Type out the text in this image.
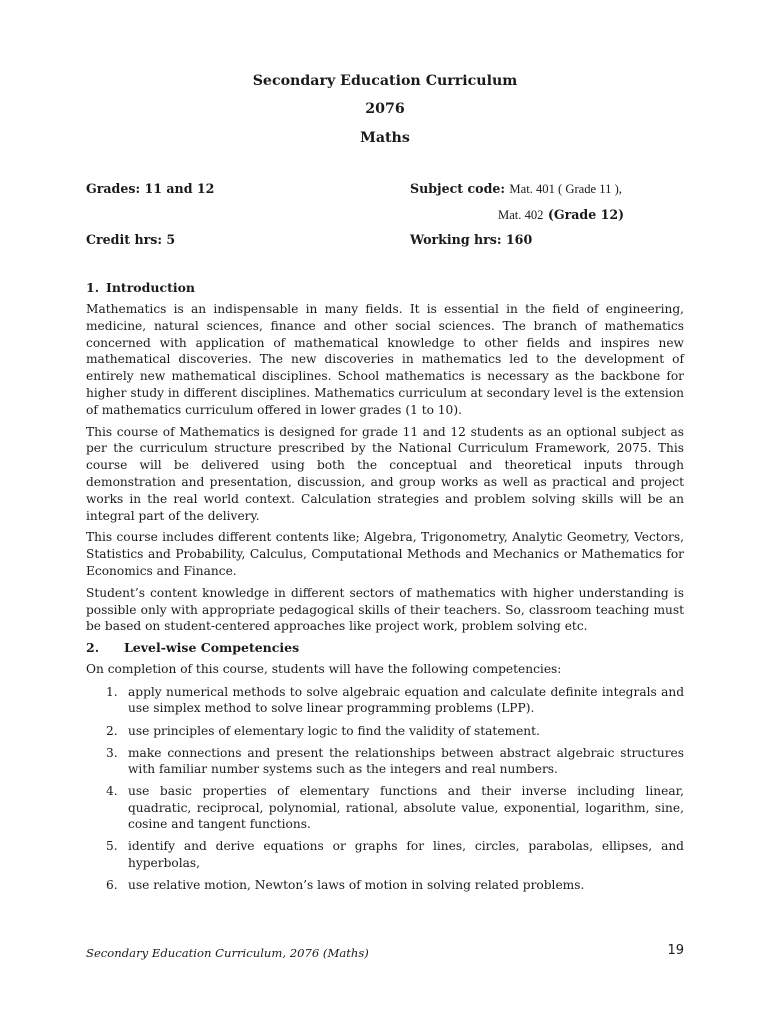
Secondary Education Curriculum
2076
Maths
Grades: 11 and 12	Subject code: Mat. 401 ( Grade 11 ),
Mat. 402 (Grade 12)
Credit hrs: 5	Working hrs: 160
1. Introduction

Mathematics is an indispensable in many fields. It is essential in the field of engineering, medicine, natural sciences, finance and other social sciences. The branch of mathematics concerned with application of mathematical knowledge to other fields and inspires new mathematical discoveries. The new discoveries in mathematics led to the development of entirely new mathematical disciplines. School mathematics is necessary as the backbone for higher study in different disciplines. Mathematics curriculum at secondary level is the extension of mathematics curriculum offered in lower grades (1 to 10).

This course of Mathematics is designed for grade 11 and 12 students as an optional subject as per the curriculum structure prescribed by the National Curriculum Framework, 2075. This course will be delivered using both the conceptual and theoretical inputs through demonstration and presentation, discussion, and group works as well as practical and project works in the real world context. Calculation strategies and problem solving skills will be an integral part of the delivery.

This course includes different contents like; Algebra, Trigonometry, Analytic Geometry, Vectors, Statistics and Probability, Calculus, Computational Methods and Mechanics or Mathematics for Economics and Finance.

Student’s content knowledge in different sectors of mathematics with higher understanding is possible only with appropriate pedagogical skills of their teachers. So, classroom teaching must be based on student-centered approaches like project work, problem solving etc.

2. Level-wise Competencies

On completion of this course, students will have the following competencies:

1. apply numerical methods to solve algebraic equation and calculate definite integrals and use simplex method to solve linear programming problems (LPP).
2. use principles of elementary logic to find the validity of statement.
3. make connections and present the relationships between abstract algebraic structures with familiar number systems such as the integers and real numbers.
4. use basic properties of elementary functions and their inverse including linear, quadratic, reciprocal, polynomial, rational, absolute value, exponential, logarithm, sine, cosine and tangent functions.
5. identify and derive equations or graphs for lines, circles, parabolas, ellipses, and hyperbolas,
6. use relative motion, Newton’s laws of motion in solving related problems.
Secondary Education Curriculum, 2076 (Maths)	19
